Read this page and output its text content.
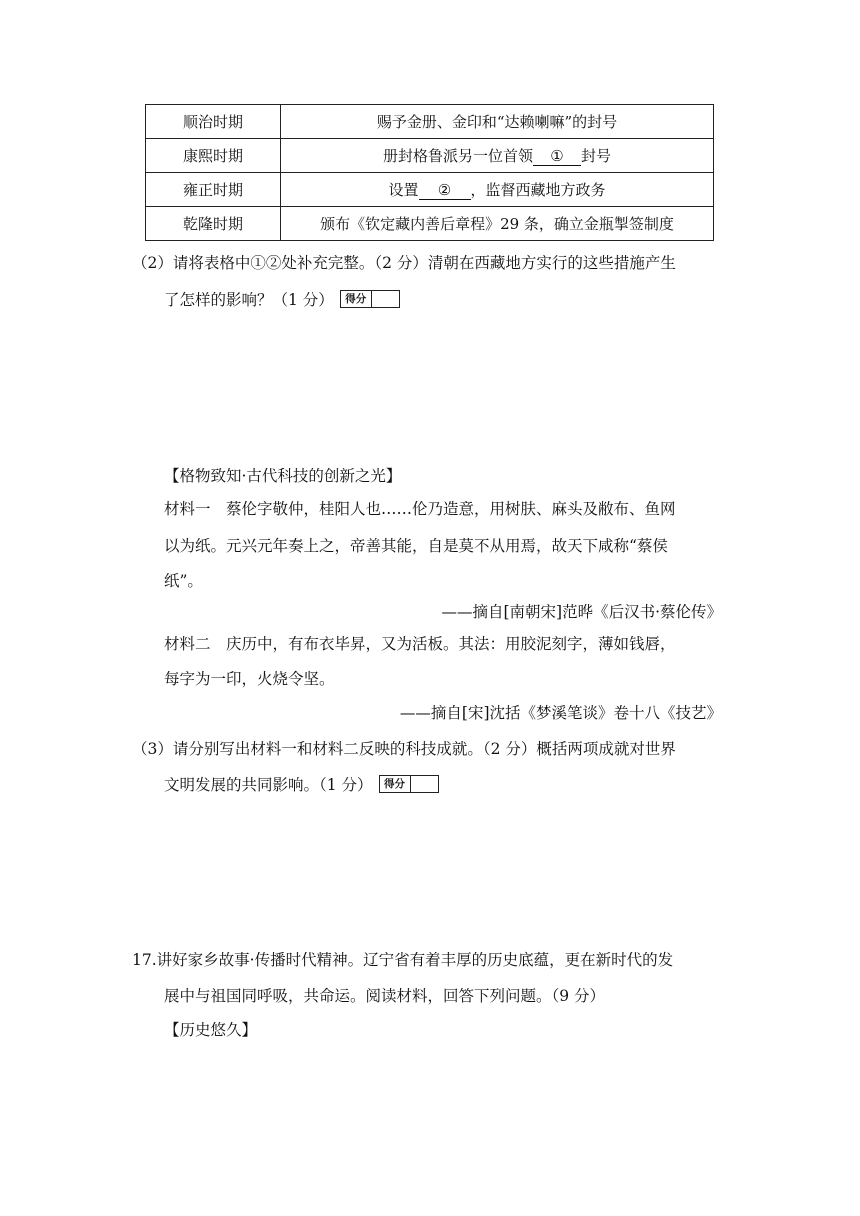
顺治时期	赐予金册、金印和“达赖喇嘛”的封号
康熙时期	册封格鲁派另一位首领 ① 封号
雍正时期	设置 ② ，监督西藏地方政务
乾隆时期	颁布《钦定藏内善后章程》29 条，确立金瓶掣签制度
（2）请将表格中①②处补充完整。（2 分）清朝在西藏地方实行的这些措施产生
了怎样的影响？（1 分）	得分
【格物致知·古代科技的创新之光】
材料一　蔡伦字敬仲，桂阳人也……伦乃造意，用树肤、麻头及敝布、鱼网
以为纸。元兴元年奏上之，帝善其能，自是莫不从用焉，故天下咸称“蔡侯
纸”。
——摘自[南朝宋]范晔《后汉书·蔡伦传》
材料二　庆历中，有布衣毕昇，又为活板。其法：用胶泥刻字，薄如钱唇，
每字为一印，火烧令坚。
——摘自[宋]沈括《梦溪笔谈》卷十八《技艺》
（3）请分别写出材料一和材料二反映的科技成就。（2 分）概括两项成就对世界
文明发展的共同影响。（1 分）	得分
17.讲好家乡故事·传播时代精神。辽宁省有着丰厚的历史底蕴，更在新时代的发
展中与祖国同呼吸，共命运。阅读材料，回答下列问题。（9 分）
【历史悠久】
